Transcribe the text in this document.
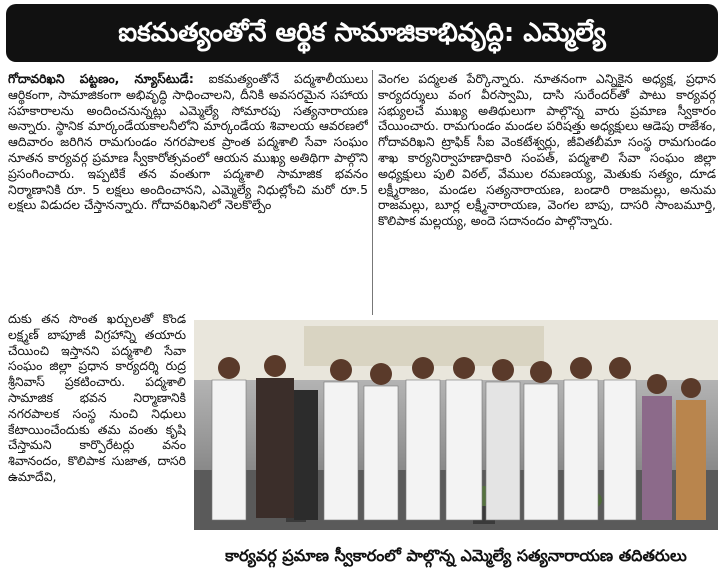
ఐకమత్యంతోనే ఆర్థిక సామాజికాభివృద్ధి: ఎమ్మెల్యే

గోదావరిఖని పట్టణం, న్యూస్‌టుడే: ఐకమత్యంతోనే పద్మశాలీయులు ఆర్థికంగా, సామాజికంగా అభివృద్ధి సాధించాలని, దీనికి అవసరమైన సహాయ సహకారాలను అందించనున్నట్లు ఎమ్మెల్యే సోమారపు సత్యనారాయణ అన్నారు. స్థానిక మార్కండేయకాలనీలోని మార్కండేయ శివాలయ ఆవరణలో ఆదివారం జరిగిన రామగుండం నగరపాలక ప్రాంత పద్మశాలి సేవా సంఘం నూతన కార్యవర్గ ప్రమాణ స్వీకారోత్సవంలో ఆయన ముఖ్య అతిథిగా పాల్గొని ప్రసంగించారు. ఇప్పటికే తన వంతుగా పద్మశాలి సామాజిక భవనం నిర్మాణానికి రూ. 5 లక్షలు అందించానని, ఎమ్మెల్యే నిధుల్లోంచి మరో రూ.5 లక్షలు విడుదల చేస్తానన్నారు. గోదావరిఖనిలో నెలకొల్పేం

వెంగల పద్మలత పేర్కొన్నారు. నూతనంగా ఎన్నికైన అధ్యక్ష, ప్రధాన కార్యదర్శులు వంగ వీరస్వామి, దాసి సురేందర్‌తో పాటు కార్యవర్గ సభ్యులచే ముఖ్య అతిథులుగా పాల్గొన్న వారు ప్రమాణ స్వీకారం చేయించారు. రామగుండం మండల పరిషత్తు అధ్యక్షులు ఆడెపు రాజేశం, గోదావరిఖని ట్రాఫిక్‌ సీఐ వెంకటేశ్వర్లు, జీవితబీమా సంస్థ రామగుండం శాఖ కార్యనిర్వాహణాధికారి సంపత్‌, పద్మశాలి సేవా సంఘం జిల్లా అధ్యక్షులు పులి విఠల్‌, వేముల రమణయ్య, మెతుకు సత్యం, దూడ లక్ష్మీరాజం, మండల సత్యనారాయణ, బండారి రాజమల్లు, అనుమ రాజమల్లు, బూర్ల లక్ష్మీనారాయణ, వెంగల బాపు, దాసరి సాంబమూర్తి, కొలిపాక మల్లయ్య, అందె సదానందం పాల్గొన్నారు.

దుకు తన సొంత ఖర్చులతో కొండ లక్ష్మణ్‌ బాపూజీ విగ్రహాన్ని తయారు చేయించి ఇస్తానని పద్మశాలి సేవా సంఘం జిల్లా ప్రధాన కార్యదర్శి రుద్ర శ్రీనివాస్‌ ప్రకటించారు. పద్మశాలి సామాజిక భవన నిర్మాణానికి నగరపాలక సంస్థ నుంచి నిధులు కేటాయించేందుకు తమ వంతు కృషి చేస్తామని కార్పొరేటర్లు వనం శివానందం, కొలిపాక సుజాత, దాసరి ఉమాదేవి,

కార్యవర్గ ప్రమాణ స్వీకారంలో పాల్గొన్న ఎమ్మెల్యే సత్యనారాయణ తదితరులు
